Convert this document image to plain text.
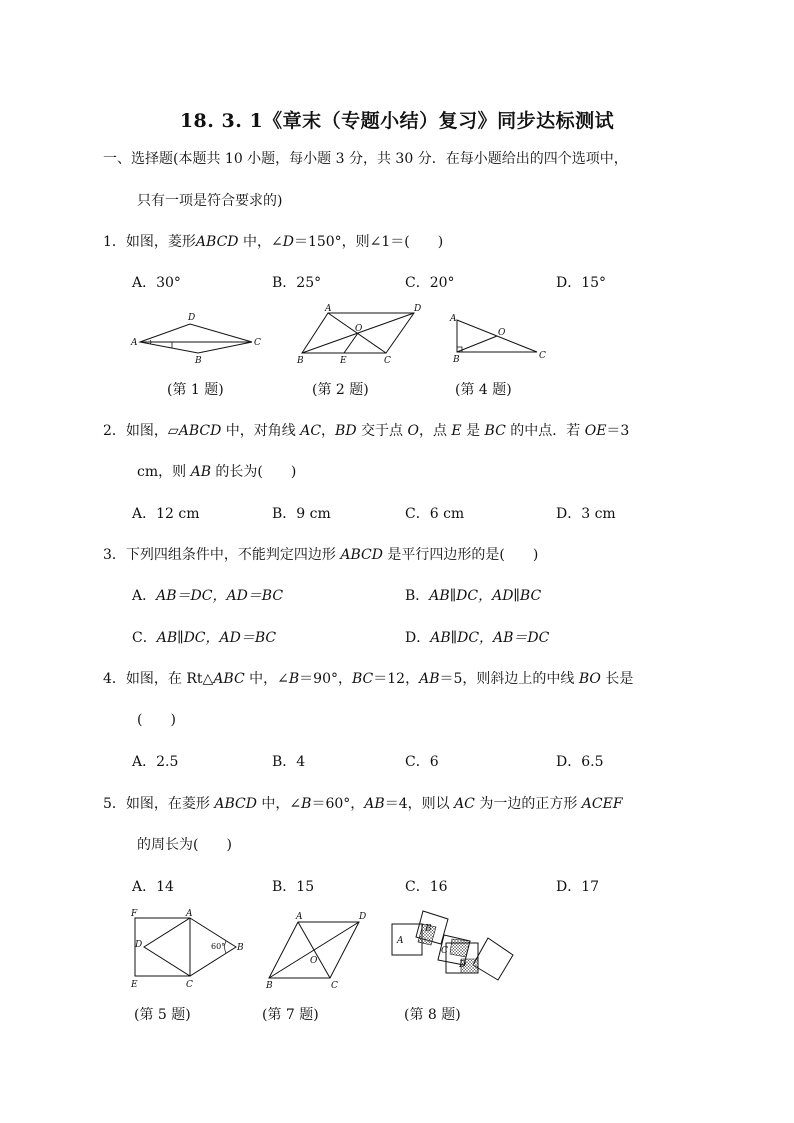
18. 3. 1《章末（专题小结）复习》同步达标测试
一、选择题(本题共 10 小题，每小题 3 分，共 30 分．在每小题给出的四个选项中，
只有一项是符合要求的)
1．如图，菱形ABCD 中，∠D＝150°，则∠1＝(　　)
A．30°	B．25°	C．20°	D．15°
A
D
C
B
A	D
O
B	E	C
A
O
B	C
(第 1 题)	(第 2 题)	(第 4 题)
2．如图，▱ABCD 中，对角线 AC，BD 交于点 O，点 E 是 BC 的中点．若 OE＝3
cm，则 AB 的长为(　　)
A．12 cm	B．9 cm	C．6 cm	D．3 cm
3．下列四组条件中，不能判定四边形 ABCD 是平行四边形的是(　　)
A．AB＝DC，AD＝BC	B．AB∥DC，AD∥BC
C．AB∥DC，AD＝BC	D．AB∥DC，AB＝DC
4．如图，在 Rt△ABC 中，∠B＝90°，BC＝12，AB＝5，则斜边上的中线 BO 长是
(　　)
A．2.5	B．4	C．6	D．6.5
5．如图，在菱形 ABCD 中，∠B＝60°，AB＝4，则以 AC 为一边的正方形 ACEF
的周长为(　　)
A．14	B．15	C．16	D．17
F	A
D	60° B
E	C
A	D
O
B	C
A
B
C
D
(第 5 题)	(第 7 题)	(第 8 题)
